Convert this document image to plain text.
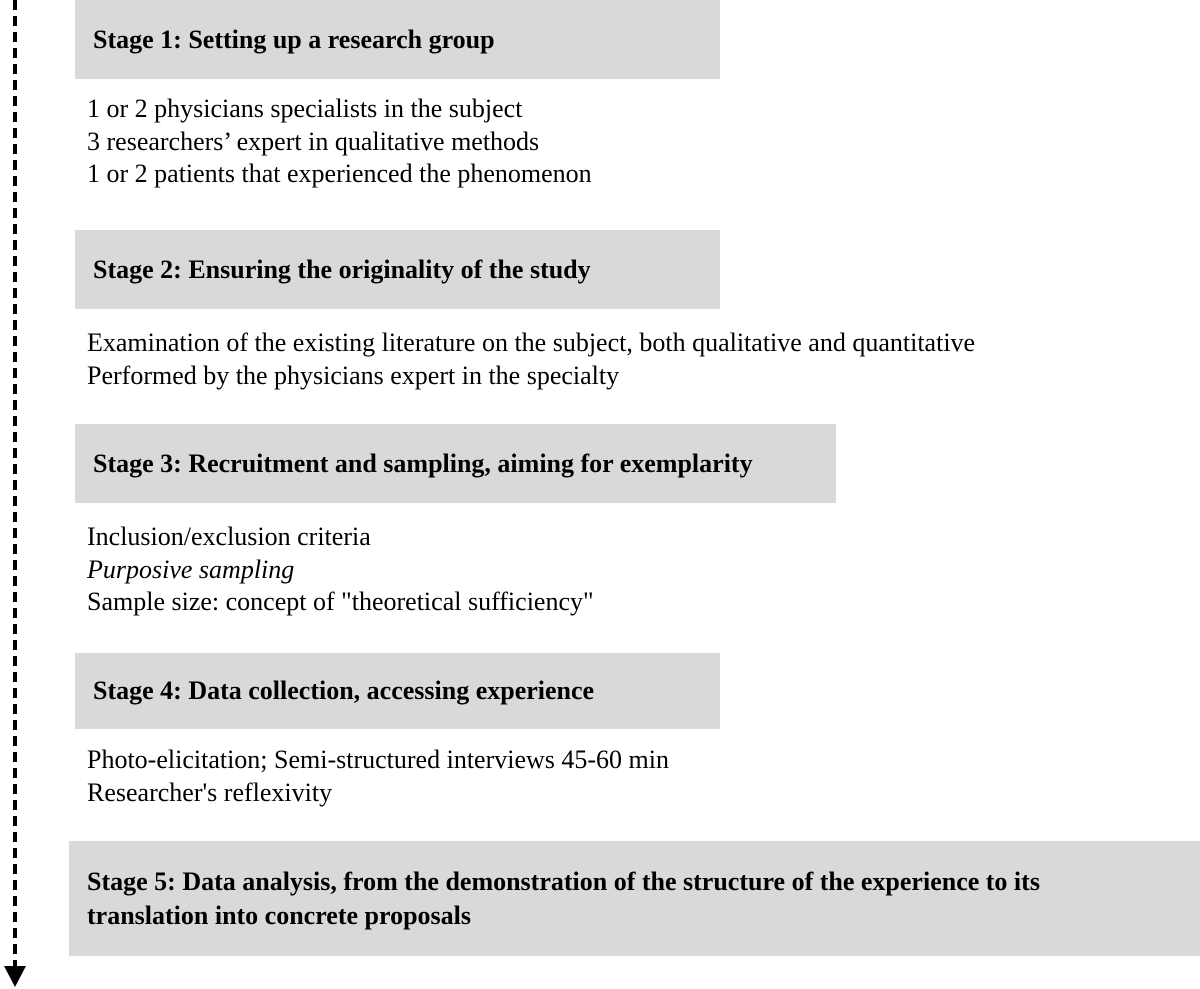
Stage 1: Setting up a research group
1 or 2 physicians specialists in the subject
3 researchers’ expert in qualitative methods
1 or 2 patients that experienced the phenomenon
Stage 2: Ensuring the originality of the study
Examination of the existing literature on the subject, both qualitative and quantitative
Performed by the physicians expert in the specialty
Stage 3: Recruitment and sampling, aiming for exemplarity
Inclusion/exclusion criteria
Purposive sampling
Sample size: concept of "theoretical sufficiency"
Stage 4: Data collection, accessing experience
Photo-elicitation; Semi-structured interviews 45-60 min
Researcher's reflexivity
Stage 5: Data analysis, from the demonstration of the structure of the experience to its translation into concrete proposals
